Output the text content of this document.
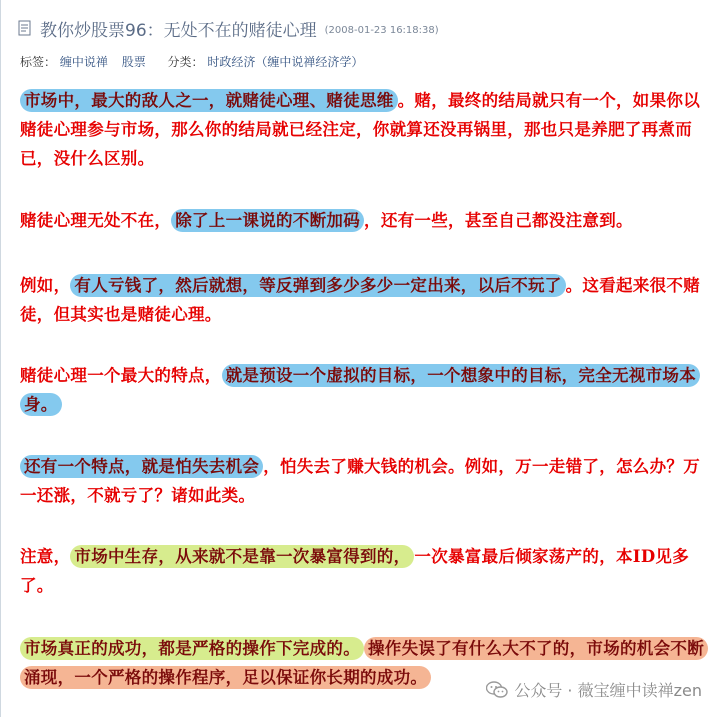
教你炒股票96：无处不在的赌徒心理 (2008-01-23 16:18:38)
标签： 缠中说禅 股票 分类： 时政经济（缠中说禅经济学）

市场中，最大的敌人之一，就赌徒心理、赌徒思维 。赌，最终的结局就只有一个，如果你以赌徒心理参与市场，那么你的结局就已经注定，你就算还没再锅里，那也只是养肥了再煮而已，没什么区别。

赌徒心理无处不在， 除了上一课说的不断加码 ，还有一些，甚至自己都没注意到。

例如， 有人亏钱了，然后就想，等反弹到多少多少一定出来，以后不玩了 。这看起来很不赌徒，但其实也是赌徒心理。

赌徒心理一个最大的特点， 就是预设一个虚拟的目标，一个想象中的目标，完全无视市场本身。

还有一个特点，就是怕失去机会 ，怕失去了赚大钱的机会。例如，万一走错了，怎么办？万一还涨，不就亏了？诸如此类。

注意， 市场中生存，从来就不是靠一次暴富得到的， 一次暴富最后倾家荡产的，本ID见多了。

市场真正的成功，都是严格的操作下完成的。 操作失误了有什么大不了的，市场的机会不断涌现，一个严格的操作程序，足以保证你长期的成功。

公众号 · 薇宝缠中读禅zen
